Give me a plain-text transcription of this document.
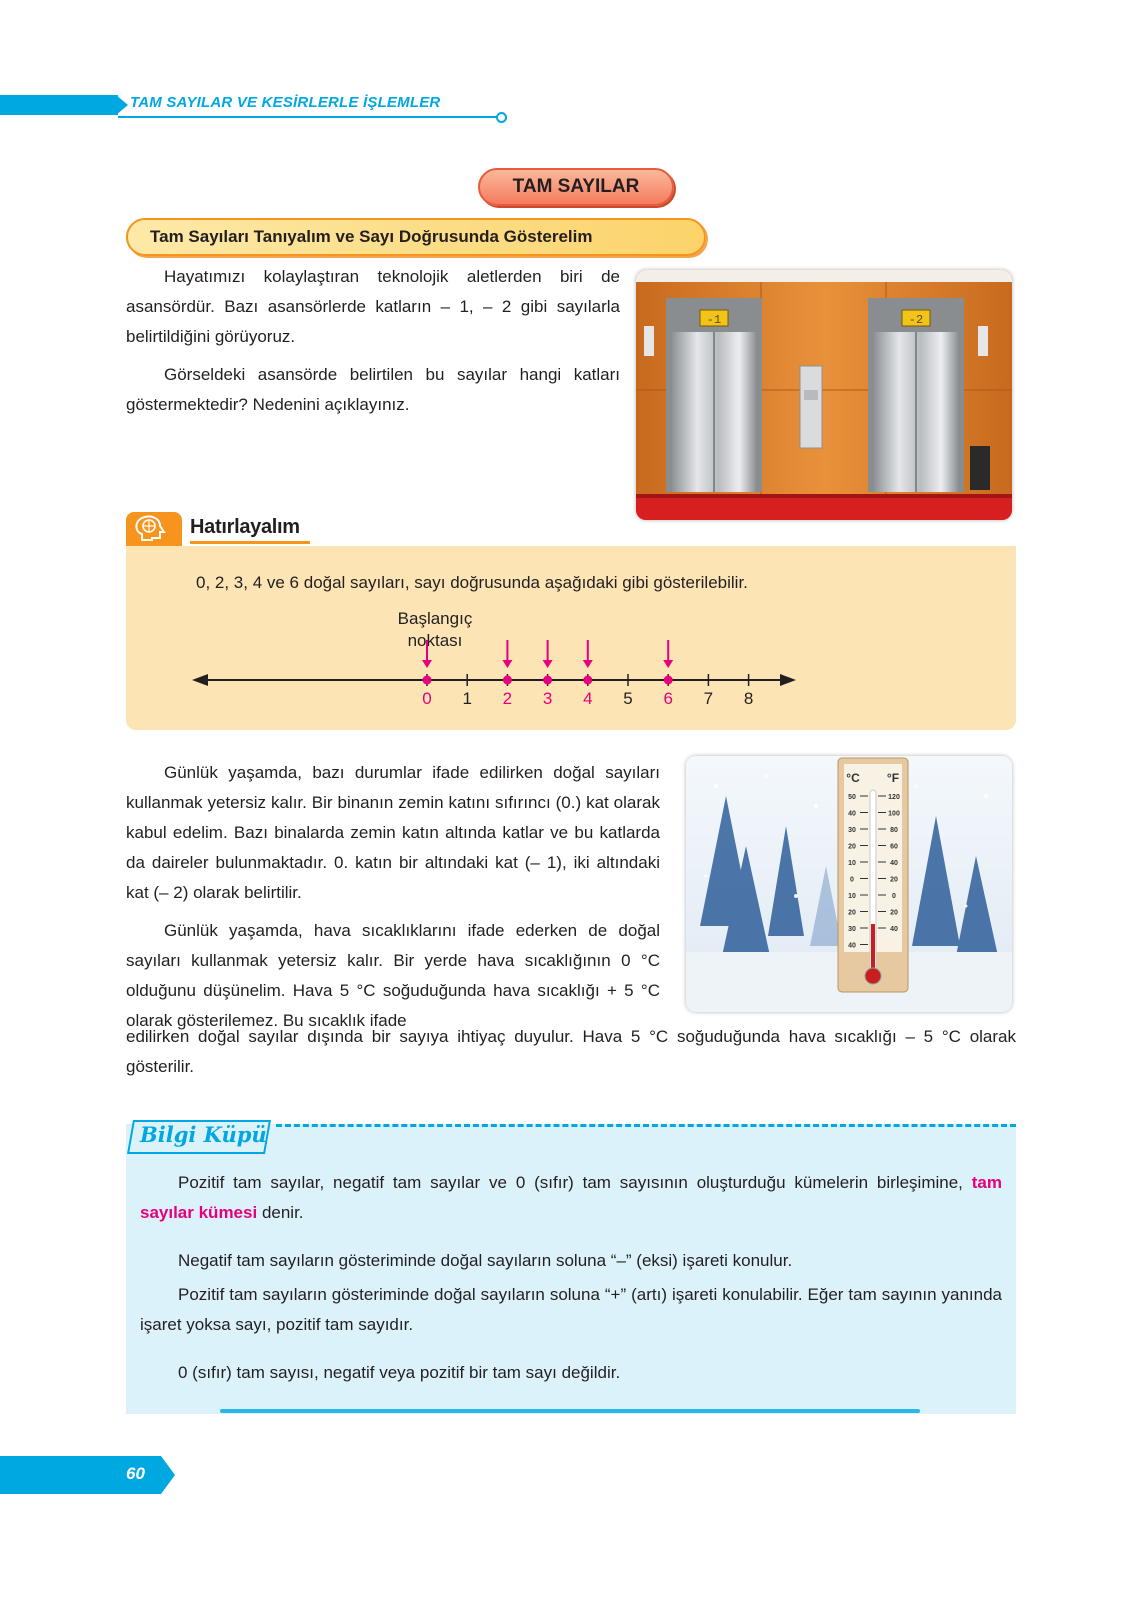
TAM SAYILAR VE KESİRLERLE İŞLEMLER
TAM SAYILAR
Tam Sayıları Tanıyalım ve Sayı Doğrusunda Gösterelim

Hayatımızı kolaylaştıran teknolojik aletlerden biri de asansördür. Bazı asansörlerde katların – 1, – 2 gibi sayılarla belirtildiğini görüyoruz.

Görseldeki asansörde belirtilen bu sayılar hangi katları göstermektedir? Nedenini açıklayınız.

-1	-2
Hatırlayalım
0, 2, 3, 4 ve 6 doğal sayıları, sayı doğrusunda aşağıdaki gibi gösterilebilir.
Başlangıç
noktası
0 1 2 3 4 5 6 7 8

Günlük yaşamda, bazı durumlar ifade edilirken doğal sayıları kullanmak yetersiz kalır. Bir binanın zemin katını sıfırıncı (0.) kat olarak kabul edelim. Bazı binalarda zemin katın altında katlar ve bu katlarda da daireler bulunmaktadır. 0. katın bir altındaki kat (– 1), iki altındaki kat (– 2) olarak belirtilir.

Günlük yaşamda, hava sıcaklıklarını ifade ederken de doğal sayıları kullanmak yetersiz kalır. Bir yerde hava sıcaklığının 0 °C olduğunu düşünelim. Hava 5 °C soğuduğunda hava sıcaklığı + 5 °C olarak gösterilemez. Bu sıcaklık ifade

edilirken doğal sayılar dışında bir sayıya ihtiyaç duyulur. Hava 5 °C soğuduğunda hava sıcaklığı – 5 °C olarak gösterilir.
°C °F
50
40
30
20
10
0
10
20
30
40
120
100
80
60
40
20
0
20
40
Bilgi Küpü

Pozitif tam sayılar, negatif tam sayılar ve 0 (sıfır) tam sayısının oluşturduğu kümelerin birleşimine, tam sayılar kümesi denir.

Negatif tam sayıların gösteriminde doğal sayıların soluna “–” (eksi) işareti konulur.

Pozitif tam sayıların gösteriminde doğal sayıların soluna “+” (artı) işareti konulabilir. Eğer tam sayının yanında işaret yoksa sayı, pozitif tam sayıdır.

0 (sıfır) tam sayısı, negatif veya pozitif bir tam sayı değildir.

60
